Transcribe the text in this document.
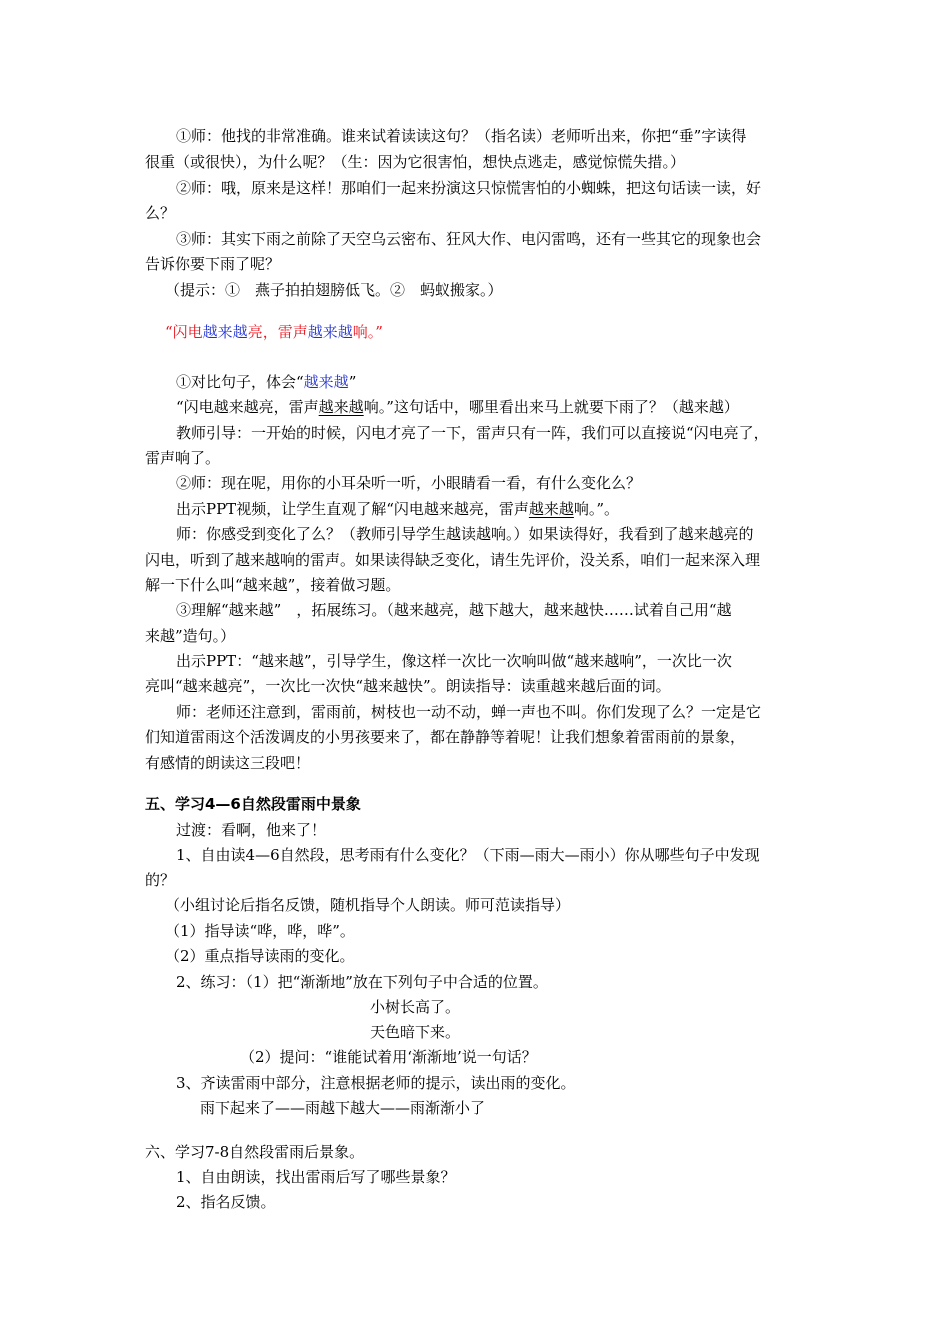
①师：他找的非常准确。谁来试着读读这句？（指名读）老师听出来，你把“垂”字读得
很重（或很快），为什么呢？（生：因为它很害怕，想快点逃走，感觉惊慌失措。）
②师：哦，原来是这样！那咱们一起来扮演这只惊慌害怕的小蜘蛛，把这句话读一读，好
么？
③师：其实下雨之前除了天空乌云密布、狂风大作、电闪雷鸣，还有一些其它的现象也会
告诉你要下雨了呢？
（提示：①　燕子拍拍翅膀低飞。②　蚂蚁搬家。）
“闪电越来越亮，雷声越来越响。”
①对比句子，体会“越来越”
“闪电越来越亮，雷声越来越响。”这句话中，哪里看出来马上就要下雨了？（越来越）
教师引导：一开始的时候，闪电才亮了一下，雷声只有一阵，我们可以直接说“闪电亮了，
雷声响了。
②师：现在呢，用你的小耳朵听一听，小眼睛看一看，有什么变化么？
出示PPT视频，让学生直观了解“闪电越来越亮，雷声越来越响。”。
师：你感受到变化了么？（教师引导学生越读越响。）如果读得好，我看到了越来越亮的
闪电，听到了越来越响的雷声。如果读得缺乏变化，请生先评价，没关系，咱们一起来深入理
解一下什么叫“越来越”，接着做习题。
③理解“越来越”　，拓展练习。（越来越亮，越下越大，越来越快……试着自己用“越
来越”造句。）
出示PPT：“越来越”，引导学生，像这样一次比一次响叫做“越来越响”，一次比一次
亮叫“越来越亮”，一次比一次快“越来越快”。朗读指导：读重越来越后面的词。
师：老师还注意到，雷雨前，树枝也一动不动，蝉一声也不叫。你们发现了么？一定是它
们知道雷雨这个活泼调皮的小男孩要来了，都在静静等着呢！让我们想象着雷雨前的景象，
有感情的朗读这三段吧！
五、学习4—6自然段雷雨中景象
过渡：看啊，他来了！
1、自由读4—6自然段，思考雨有什么变化？（下雨—雨大—雨小）你从哪些句子中发现
的？
（小组讨论后指名反馈，随机指导个人朗读。师可范读指导）
（1）指导读“哗，哗，哗”。
（2）重点指导读雨的变化。
2、练习：（1）把“渐渐地”放在下列句子中合适的位置。
小树长高了。
天色暗下来。
（2）提问：“谁能试着用‘渐渐地’说一句话？
3、齐读雷雨中部分，注意根据老师的提示，读出雨的变化。
雨下起来了——雨越下越大——雨渐渐小了
六、学习7-8自然段雷雨后景象。
1、自由朗读，找出雷雨后写了哪些景象？
2、指名反馈。
